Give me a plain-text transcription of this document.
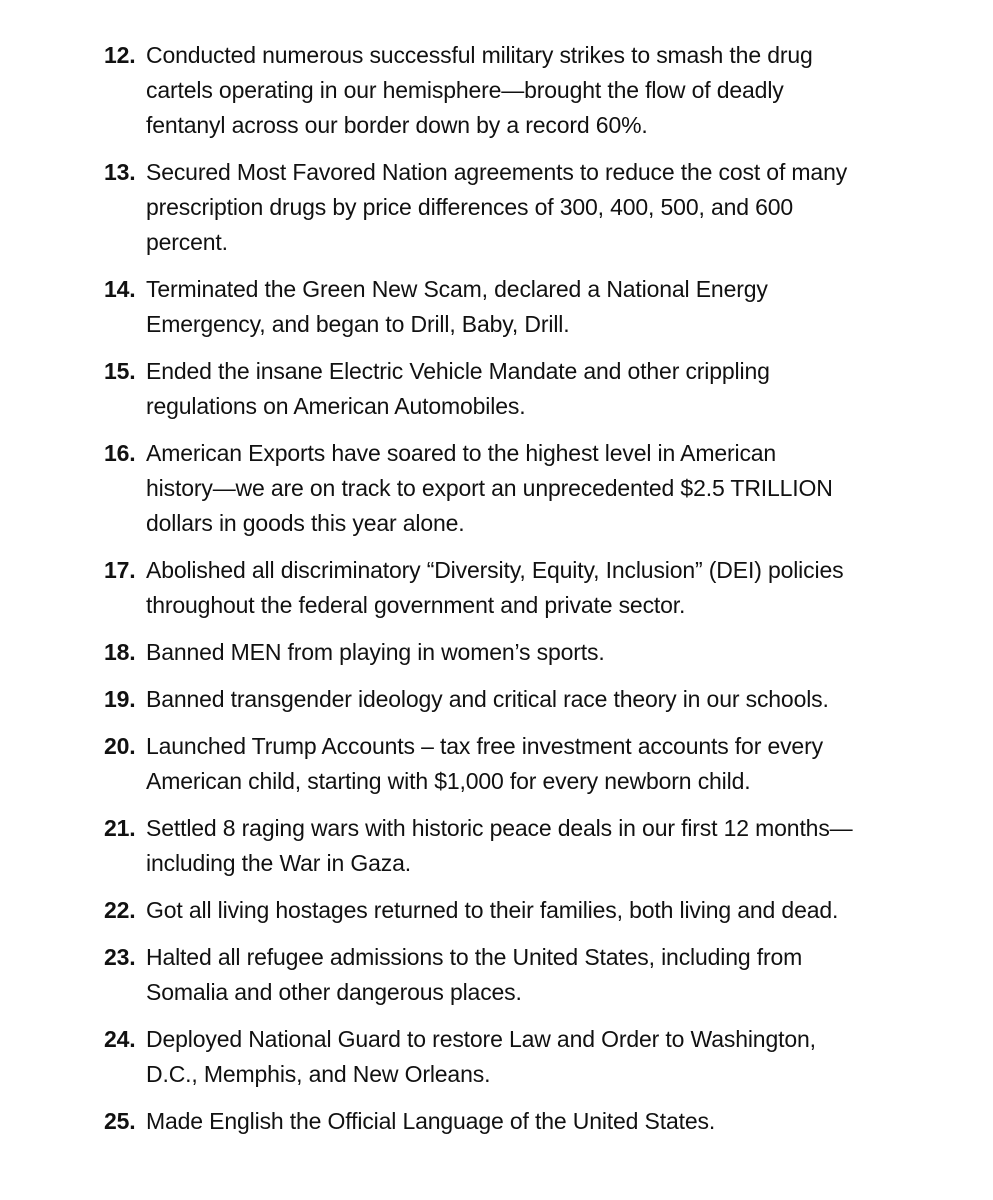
12. Conducted numerous successful military strikes to smash the drug
cartels operating in our hemisphere—brought the flow of deadly
fentanyl across our border down by a record 60%.
13. Secured Most Favored Nation agreements to reduce the cost of many
prescription drugs by price differences of 300, 400, 500, and 600
percent.
14. Terminated the Green New Scam, declared a National Energy
Emergency, and began to Drill, Baby, Drill.
15. Ended the insane Electric Vehicle Mandate and other crippling
regulations on American Automobiles.
16. American Exports have soared to the highest level in American
history—we are on track to export an unprecedented $2.5 TRILLION
dollars in goods this year alone.
17. Abolished all discriminatory “Diversity, Equity, Inclusion” (DEI) policies
throughout the federal government and private sector.
18. Banned MEN from playing in women’s sports.
19. Banned transgender ideology and critical race theory in our schools.
20. Launched Trump Accounts – tax free investment accounts for every
American child, starting with $1,000 for every newborn child.
21. Settled 8 raging wars with historic peace deals in our first 12 months—
including the War in Gaza.
22. Got all living hostages returned to their families, both living and dead.
23. Halted all refugee admissions to the United States, including from
Somalia and other dangerous places.
24. Deployed National Guard to restore Law and Order to Washington,
D.C., Memphis, and New Orleans.
25. Made English the Official Language of the United States.
